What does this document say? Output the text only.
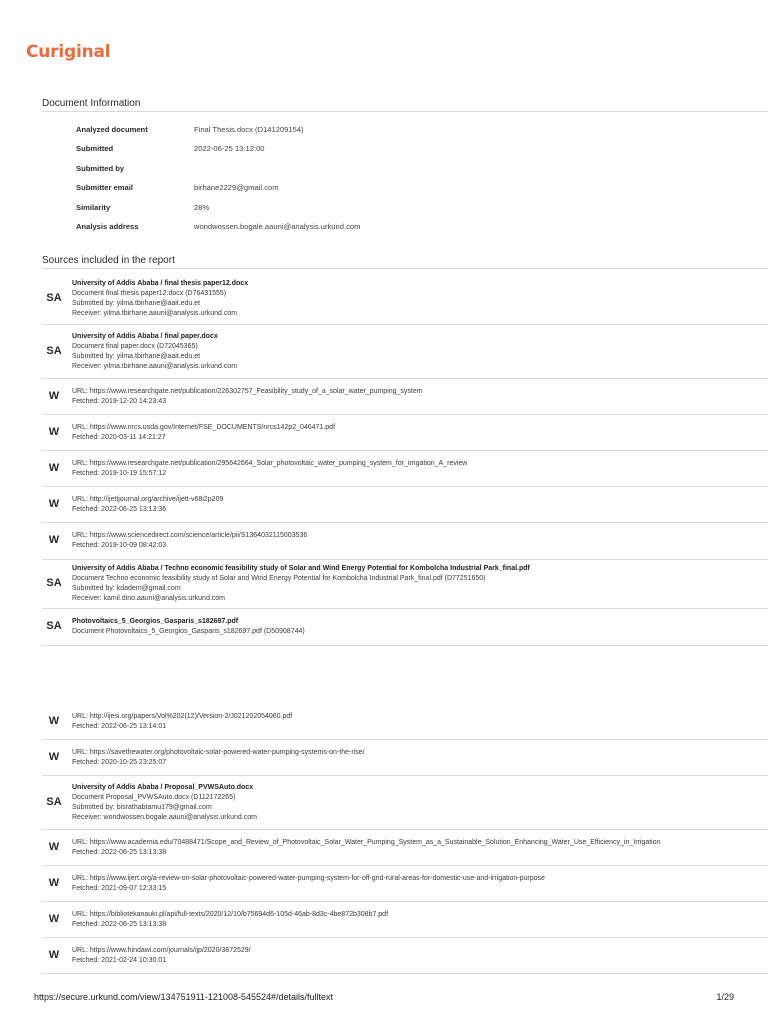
Curiginal
Document Information
Analyzed document	Final Thesis.docx (D141209154)
Submitted	2022-06-25 13:12:00
Submitted by
Submitter email	birhane2229@gmail.com
Similarity	28%
Analysis address	wondwossen.bogale.aauni@analysis.urkund.com
Sources included in the report
SA
University of Addis Ababa / final thesis paper12.docx
Document final thesis paper12.docx (D76431555)
Submitted by: yilma.tbirhane@aait.edu.et
Receiver: yilma.tbirhane.aauni@analysis.urkund.com
SA
University of Addis Ababa / final paper.docx
Document final paper.docx (D72045365)
Submitted by: yilma.tbirhane@aait.edu.et
Receiver: yilma.tbirhane.aauni@analysis.urkund.com
W	URL: https://www.researchgate.net/publication/226302757_Feasibility_study_of_a_solar_water_pumping_system
Fetched: 2019-12-20 14:23:43
W	URL: https://www.nrcs.usda.gov/Internet/FSE_DOCUMENTS/nrcs142p2_046471.pdf
Fetched: 2020-03-11 14:21:27
W	URL: https://www.researchgate.net/publication/295642664_Solar_photovoltaic_water_pumping_system_for_irrigation_A_review
Fetched: 2019-10-19 15:57:12
W	URL: http://ijettjournal.org/archive/ijett-v68i2p209
Fetched: 2022-06-25 13:13:36
W	URL: https://www.sciencedirect.com/science/article/pii/S1364032115003536
Fetched: 2019-10-09 08:42:03
SA
University of Addis Ababa / Techno economic feasibility study of Solar and Wind Energy Potential for Kombolcha Industrial Park_final.pdf
Document Techno economic feasibility study of Solar and Wind Energy Potential for Kombolcha Industrial Park_final.pdf (D77251650)
Submitted by: kdadem@gmail.com
Receiver: kamil.dino.aauni@analysis.urkund.com
SA Photovoltaics_5_Georgios_Gasparis_s182697.pdf
Document Photovoltaics_5_Georgios_Gasparis_s182697.pdf (D50908744)
W	URL: http://ijesi.org/papers/Vol%202(12)/Version-2/J021202054060.pdf
Fetched: 2022-06-25 13:14:01
W	URL: https://savethewater.org/photovoltaic-solar-powered-water-pumping-systems-on-the-rise/
Fetched: 2020-10-25 23:25:07
SA
University of Addis Ababa / Proposal_PVWSAuto.docx
Document Proposal_PVWSAuto.docx (D112172265)
Submitted by: bisrathabtamu179@gmail.com
Receiver: wondwossen.bogale.aauni@analysis.urkund.com
W	URL: https://www.academia.edu/70488471/Scope_and_Review_of_Photovoltaic_Solar_Water_Pumping_System_as_a_Sustainable_Solution_Enhancing_Water_Use_Efficiency_in_Irrigation
Fetched: 2022-06-25 13:13:38
W	URL: https://www.ijert.org/a-review-on-solar-photovoltaic-powered-water-pumping-system-for-off-grid-rural-areas-for-domestic-use-and-irrigation-purpose
Fetched: 2021-09-07 12:33:15
W	URL: https://bibliotekanauki.pl/api/full-texts/2020/12/10/b75694d6-105d-46ab-8d3c-4be872b308b7.pdf
Fetched: 2022-06-25 13:13:38
W	URL: https://www.hindawi.com/journals/ijp/2020/3872529/
Fetched: 2021-02-24 10:30:01
https://secure.urkund.com/view/134751911-121008-545524#/details/fulltext	1/29
